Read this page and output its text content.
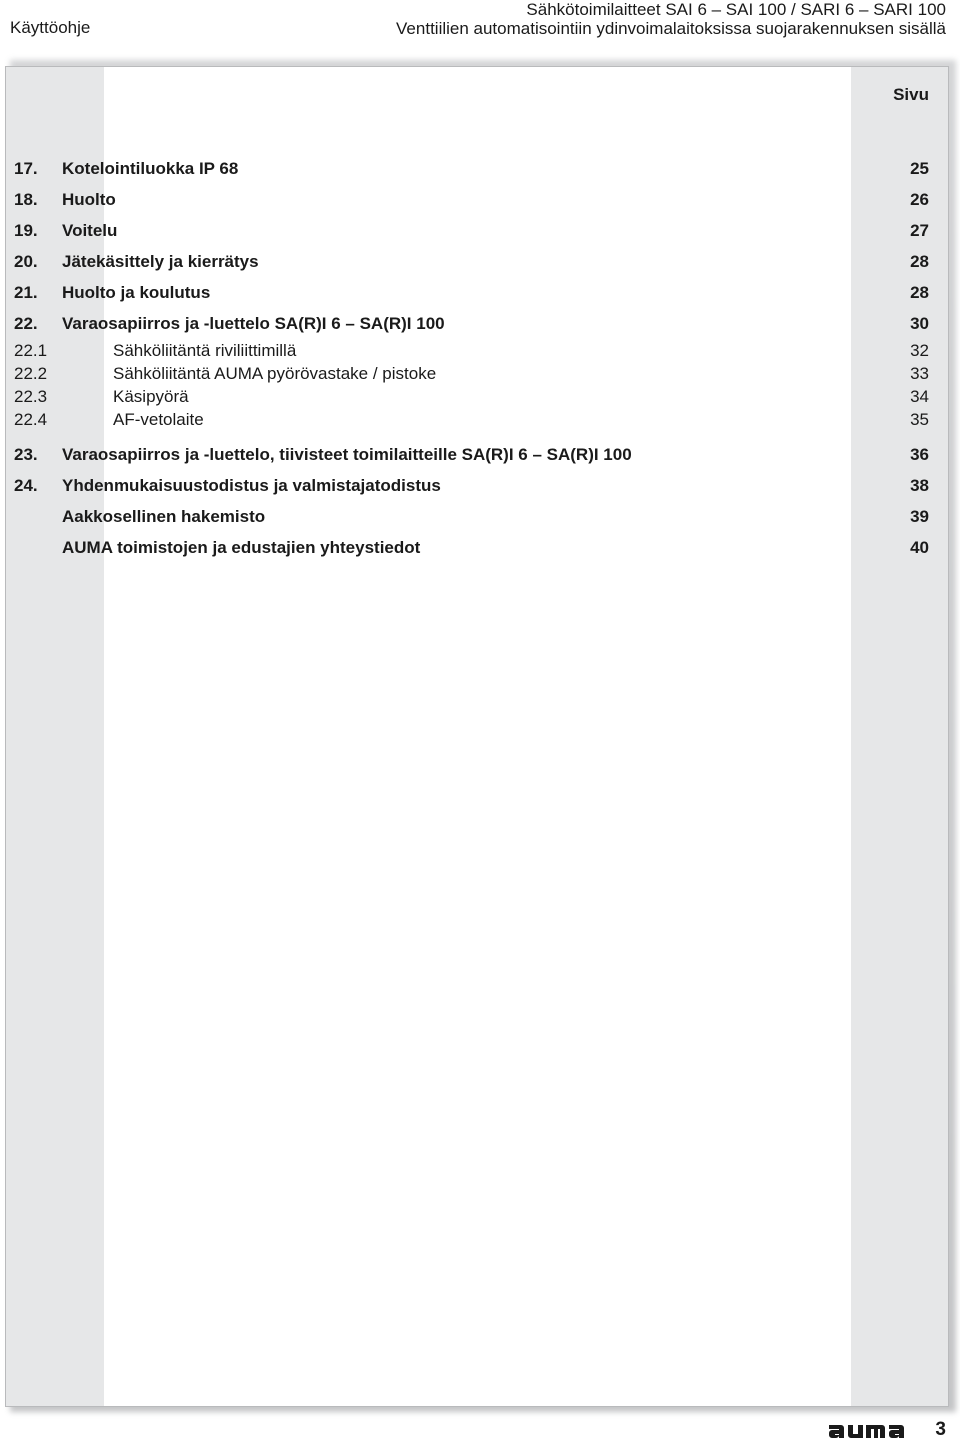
Käyttöohje
Sähkötoimilaitteet SAI 6 – SAI 100 / SARI 6 – SARI 100
Venttiilien automatisointiin ydinvoimalaitoksissa suojarakennuksen sisällä
Sivu
17. Kotelointiluokka IP 68	25
18. Huolto	26
19. Voitelu	27
20. Jätekäsittely ja kierrätys	28
21. Huolto ja koulutus	28
22. Varaosapiirros ja -luettelo SA(R)I 6 – SA(R)I 100	30
22.1	Sähköliitäntä riviliittimillä	32
22.2	Sähköliitäntä AUMA pyörövastake / pistoke	33
22.3	Käsipyörä	34
22.4	AF-vetolaite	35
23. Varaosapiirros ja -luettelo, tiivisteet toimilaitteille SA(R)I 6 – SA(R)I 100	36
24. Yhdenmukaisuustodistus ja valmistajatodistus	38
Aakkosellinen hakemisto	39
AUMA toimistojen ja edustajien yhteystiedot	40
3
